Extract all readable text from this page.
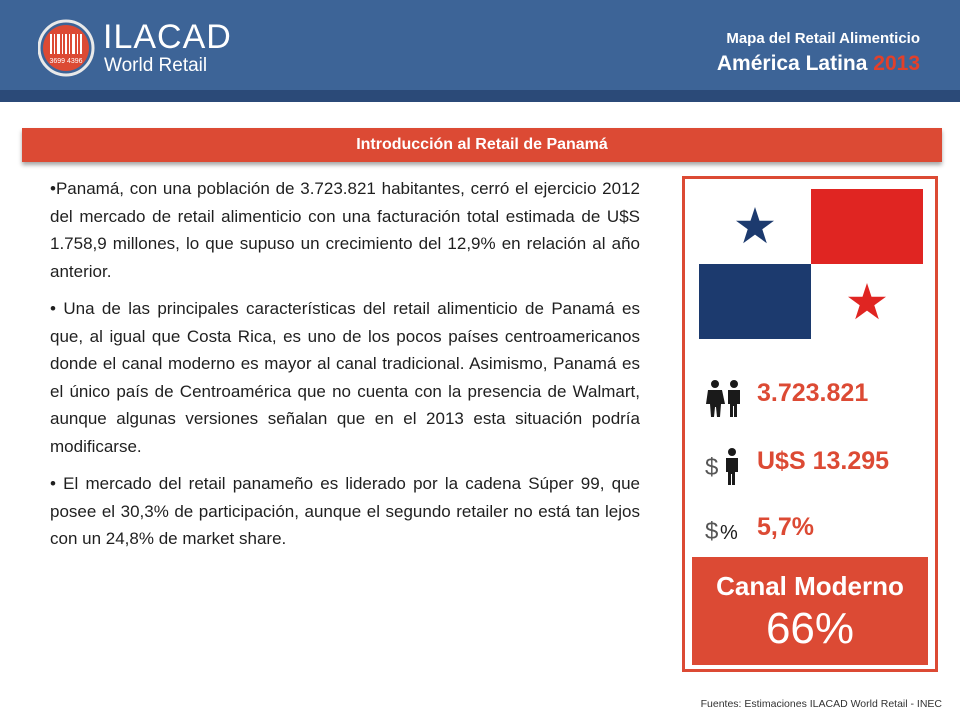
3699 4396
ILACAD
World Retail
Mapa del Retail Alimenticio
América Latina 2013
Introducción al Retail de Panamá

•Panamá, con una población de 3.723.821 habitantes, cerró el ejercicio 2012 del mercado de retail alimenticio con una facturación total estimada de U$S 1.758,9 millones, lo que supuso un crecimiento del 12,9% en relación al año anterior.

• Una de las principales características del retail alimenticio de Panamá es que, al igual que Costa Rica, es uno de los pocos países centroamericanos donde el canal moderno es mayor al canal tradicional. Asimismo, Panamá es el único país de Centroamérica que no cuenta con la presencia de Walmart, aunque algunas versiones señalan que en el 2013 esta situación podría modificarse.

• El mercado del retail panameño es liderado por la cadena Súper 99, que posee el 30,3% de participación, aunque el segundo retailer no está tan lejos con un 24,8% de market share.

3.723.821
$ U$S 13.295
$ % 5,7%
Canal Moderno
66%
Fuentes: Estimaciones ILACAD World Retail - INEC
